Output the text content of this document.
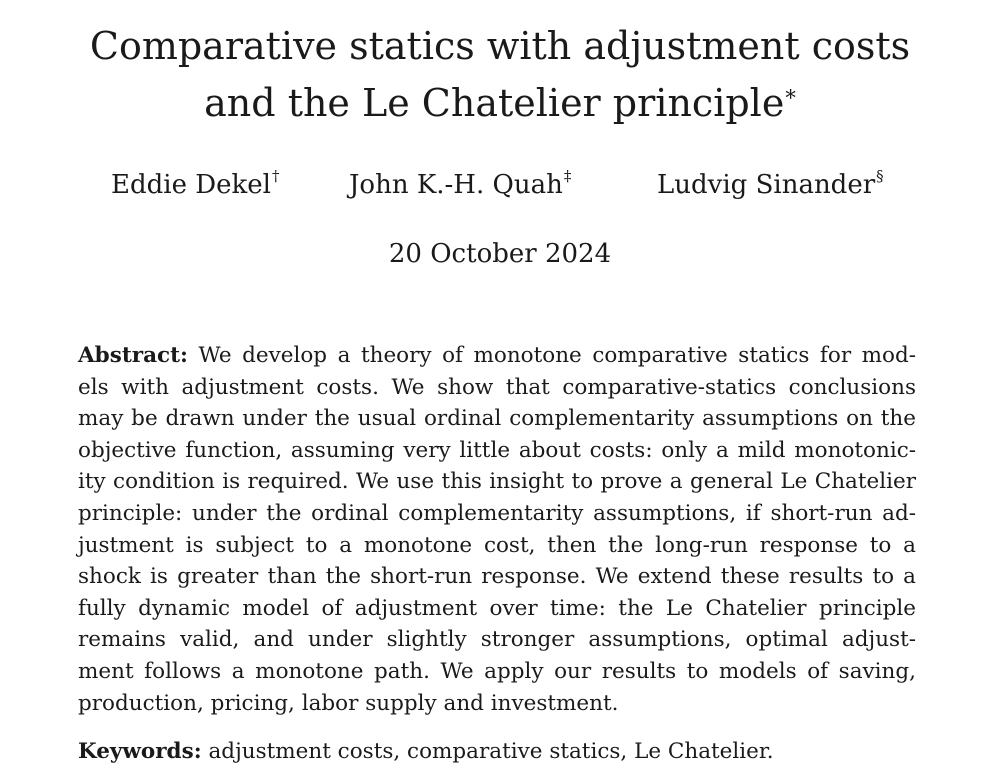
Comparative statics with adjustment costs
and the Le Chatelier principle*
Eddie Dekel†	John K.-H. Quah‡	Ludvig Sinander§
20 October 2024
Abstract: We develop a theory of monotone comparative statics for mod-
els with adjustment costs. We show that comparative-statics conclusions
may be drawn under the usual ordinal complementarity assumptions on the
objective function, assuming very little about costs: only a mild monotonic-
ity condition is required. We use this insight to prove a general Le Chatelier
principle: under the ordinal complementarity assumptions, if short-run ad-
justment is subject to a monotone cost, then the long-run response to a
shock is greater than the short-run response. We extend these results to a
fully dynamic model of adjustment over time: the Le Chatelier principle
remains valid, and under slightly stronger assumptions, optimal adjust-
ment follows a monotone path. We apply our results to models of saving,
production, pricing, labor supply and investment.
Keywords: adjustment costs, comparative statics, Le Chatelier.
